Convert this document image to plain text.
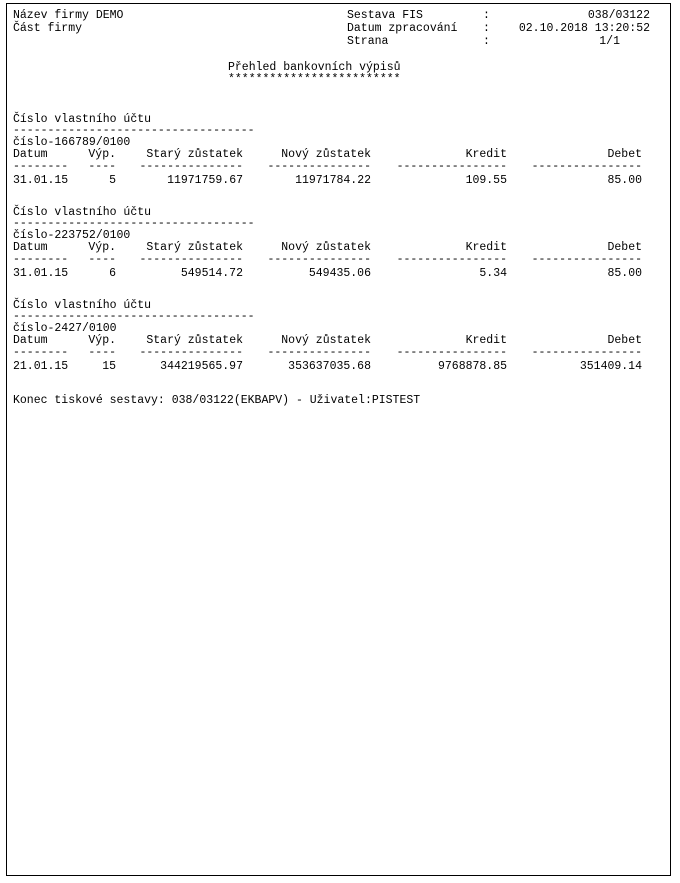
Název firmy DEMO
Část firmy
Sestava FIS	:	038/03122
Datum zpracování :	02.10.2018 13:20:52
Strana	:	1/1
Přehled bankovních výpisů
*************************
Číslo vlastního účtu
-----------------------------------
číslo-166789/0100
Datum	Výp.	Starý zůstatek	Nový zůstatek	Kredit	Debet
--------	----	---------------	---------------	----------------	----------------
31.01.15	5	11971759.67	11971784.22	109.55	85.00
Číslo vlastního účtu
-----------------------------------
číslo-223752/0100
Datum	Výp.	Starý zůstatek	Nový zůstatek	Kredit	Debet
--------	----	---------------	---------------	----------------	----------------
31.01.15	6	549514.72	549435.06	5.34	85.00
Číslo vlastního účtu
-----------------------------------
číslo-2427/0100
Datum	Výp.	Starý zůstatek	Nový zůstatek	Kredit	Debet
--------	----	---------------	---------------	----------------	----------------
21.01.15	15	344219565.97	353637035.68	9768878.85	351409.14
Konec tiskové sestavy: 038/03122(EKBAPV) - Uživatel:PISTEST
